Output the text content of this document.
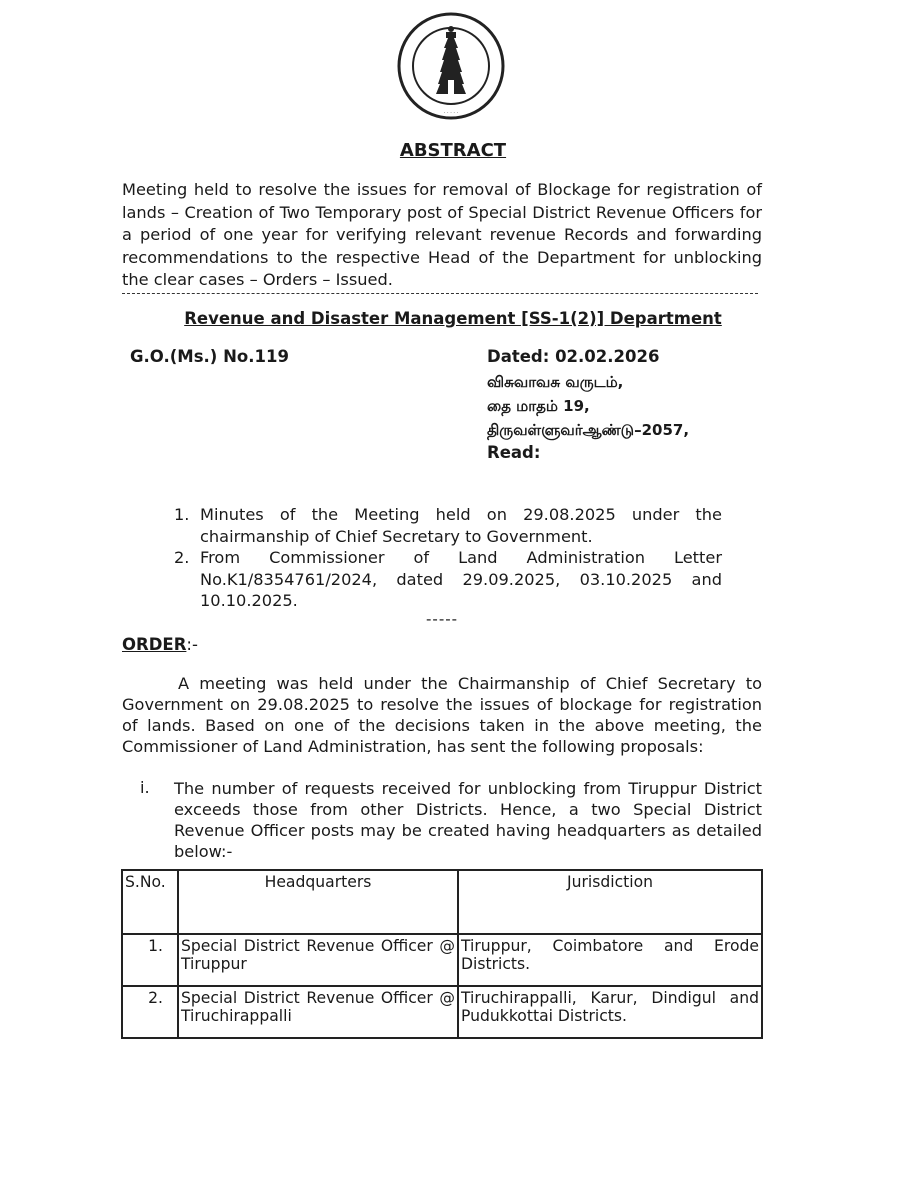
· · · · ·
ABSTRACT
Meeting held to resolve the issues for removal of Blockage for registration of lands – Creation of Two Temporary post of Special District Revenue Officers for a period of one year for verifying relevant revenue Records and forwarding recommendations to the respective Head of the Department for unblocking the clear cases – Orders – Issued.
Revenue and Disaster Management [SS-1(2)] Department
G.O.(Ms.) No.119	Dated: 02.02.2026
விசுவாவசு வருடம்,
தை மாதம் 19,
திருவள்ளுவர்ஆண்டு–2057,
Read:
1. Minutes of the Meeting held on 29.08.2025 under the chairmanship of Chief Secretary to Government.
2. From Commissioner of Land Administration Letter No.K1/8354761/2024, dated 29.09.2025, 03.10.2025 and 10.10.2025.
-----
ORDER:-
A meeting was held under the Chairmanship of Chief Secretary to Government on 29.08.2025 to resolve the issues of blockage for registration of lands. Based on one of the decisions taken in the above meeting, the Commissioner of Land Administration, has sent the following proposals:
i. The number of requests received for unblocking from Tiruppur District exceeds those from other Districts. Hence, a two Special District Revenue Officer posts may be created having headquarters as detailed below:-
S.No.	Headquarters	Jurisdiction
1.	Special District Revenue Officer @ Tiruppur	Tiruppur, Coimbatore and Erode Districts.
2.	Special District Revenue Officer @ Tiruchirappalli	Tiruchirappalli, Karur, Dindigul and Pudukkottai Districts.
